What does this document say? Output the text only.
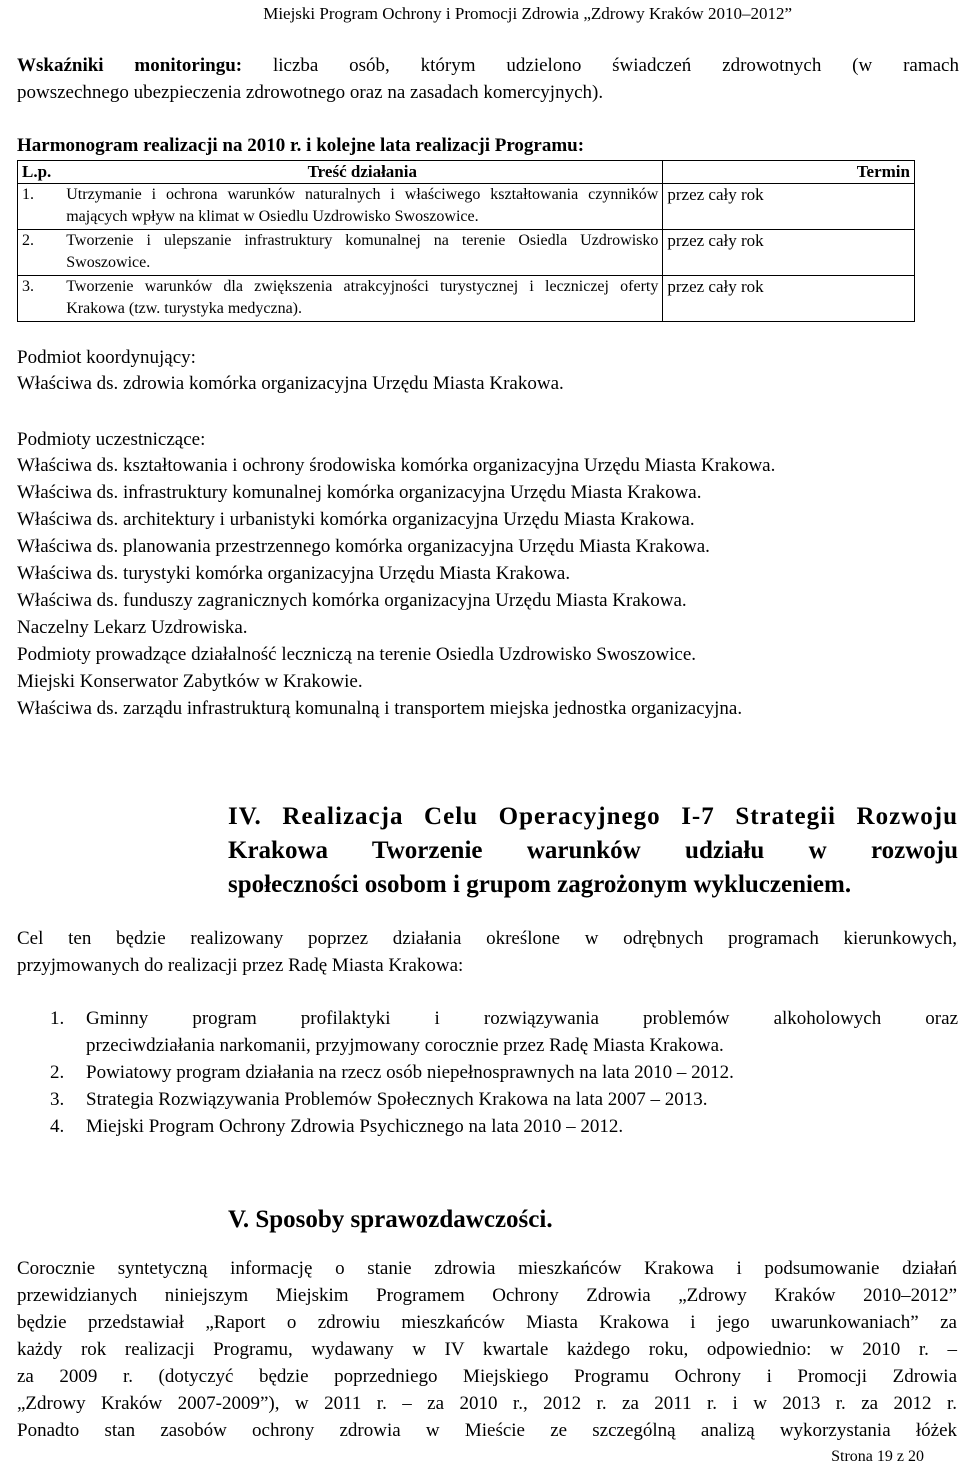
Miejski Program Ochrony i Promocji Zdrowia „Zdrowy Kraków 2010–2012”
Wskaźniki monitoringu: liczba osób, którym udzielono świadczeń zdrowotnych (w ramach
powszechnego ubezpieczenia zdrowotnego oraz na zasadach komercyjnych).
Harmonogram realizacji na 2010 r. i kolejne lata realizacji Programu:
L.p.	Treść działania	Termin
1.	Utrzymanie i ochrona warunków naturalnych i właściwego kształtowania czynników mających wpływ na klimat w Osiedlu Uzdrowisko Swoszowice.	przez cały rok
2.	Tworzenie i ulepszanie infrastruktury komunalnej na terenie Osiedla Uzdrowisko Swoszowice.	przez cały rok
3.	Tworzenie warunków dla zwiększenia atrakcyjności turystycznej i leczniczej oferty Krakowa (tzw. turystyka medyczna).	przez cały rok
Podmiot koordynujący:
Właściwa ds. zdrowia komórka organizacyjna Urzędu Miasta Krakowa.
Podmioty uczestniczące:
Właściwa ds. kształtowania i ochrony środowiska komórka organizacyjna Urzędu Miasta Krakowa.
Właściwa ds. infrastruktury komunalnej komórka organizacyjna Urzędu Miasta Krakowa.
Właściwa ds. architektury i urbanistyki komórka organizacyjna Urzędu Miasta Krakowa.
Właściwa ds. planowania przestrzennego komórka organizacyjna Urzędu Miasta Krakowa.
Właściwa ds. turystyki komórka organizacyjna Urzędu Miasta Krakowa.
Właściwa ds. funduszy zagranicznych komórka organizacyjna Urzędu Miasta Krakowa.
Naczelny Lekarz Uzdrowiska.
Podmioty prowadzące działalność leczniczą na terenie Osiedla Uzdrowisko Swoszowice.
Miejski Konserwator Zabytków w Krakowie.
Właściwa ds. zarządu infrastrukturą komunalną i transportem miejska jednostka organizacyjna.
IV. Realizacja Celu Operacyjnego I-7 Strategii Rozwoju
Krakowa Tworzenie warunków udziału w rozwoju
społeczności osobom i grupom zagrożonym wykluczeniem.
Cel ten będzie realizowany poprzez działania określone w odrębnych programach kierunkowych,
przyjmowanych do realizacji przez Radę Miasta Krakowa:
1. Gminny program profilaktyki i rozwiązywania problemów alkoholowych oraz
przeciwdziałania narkomanii, przyjmowany corocznie przez Radę Miasta Krakowa.
2. Powiatowy program działania na rzecz osób niepełnosprawnych na lata 2010 – 2012.
3. Strategia Rozwiązywania Problemów Społecznych Krakowa na lata 2007 – 2013.
4. Miejski Program Ochrony Zdrowia Psychicznego na lata 2010 – 2012.
V. Sposoby sprawozdawczości.
Corocznie syntetyczną informację o stanie zdrowia mieszkańców Krakowa i podsumowanie działań
przewidzianych niniejszym Miejskim Programem Ochrony Zdrowia „Zdrowy Kraków 2010–2012”
będzie przedstawiał „Raport o zdrowiu mieszkańców Miasta Krakowa i jego uwarunkowaniach” za
każdy rok realizacji Programu, wydawany w IV kwartale każdego roku, odpowiednio: w 2010 r. –
za 2009 r. (dotyczyć będzie poprzedniego Miejskiego Programu Ochrony i Promocji Zdrowia
„Zdrowy Kraków 2007-2009”), w 2011 r. – za 2010 r., 2012 r. za 2011 r. i w 2013 r. za 2012 r.
Ponadto stan zasobów ochrony zdrowia w Mieście ze szczególną analizą wykorzystania łóżek
Strona 19 z 20
